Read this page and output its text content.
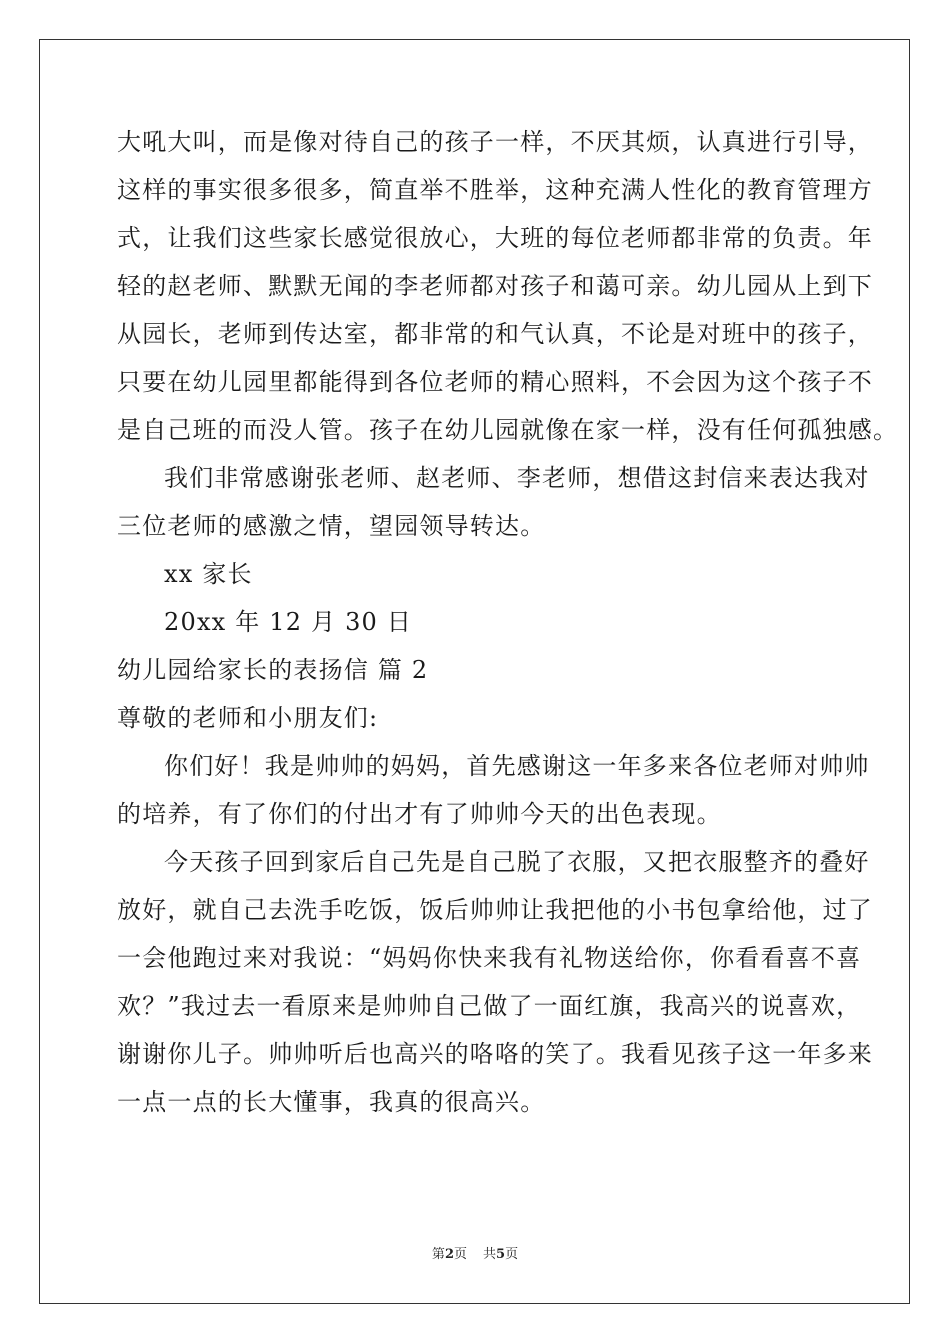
大吼大叫，而是像对待自己的孩子一样，不厌其烦，认真进行引导，
这样的事实很多很多，简直举不胜举，这种充满人性化的教育管理方
式，让我们这些家长感觉很放心，大班的每位老师都非常的负责。年
轻的赵老师、默默无闻的李老师都对孩子和蔼可亲。幼儿园从上到下
从园长，老师到传达室，都非常的和气认真，不论是对班中的孩子，
只要在幼儿园里都能得到各位老师的精心照料，不会因为这个孩子不
是自己班的而没人管。孩子在幼儿园就像在家一样，没有任何孤独感。
我们非常感谢张老师、赵老师、李老师，想借这封信来表达我对
三位老师的感激之情，望园领导转达。
xx 家长
20xx 年 12 月 30 日
幼儿园给家长的表扬信 篇 2
尊敬的老师和小朋友们:
你们好！我是帅帅的妈妈，首先感谢这一年多来各位老师对帅帅
的培养，有了你们的付出才有了帅帅今天的出色表现。
今天孩子回到家后自己先是自己脱了衣服，又把衣服整齐的叠好
放好，就自己去洗手吃饭，饭后帅帅让我把他的小书包拿给他，过了
一会他跑过来对我说：“妈妈你快来我有礼物送给你，你看看喜不喜
欢？”我过去一看原来是帅帅自己做了一面红旗，我高兴的说喜欢，
谢谢你儿子。帅帅听后也高兴的咯咯的笑了。我看见孩子这一年多来
一点一点的长大懂事，我真的很高兴。
第2页 共5页
